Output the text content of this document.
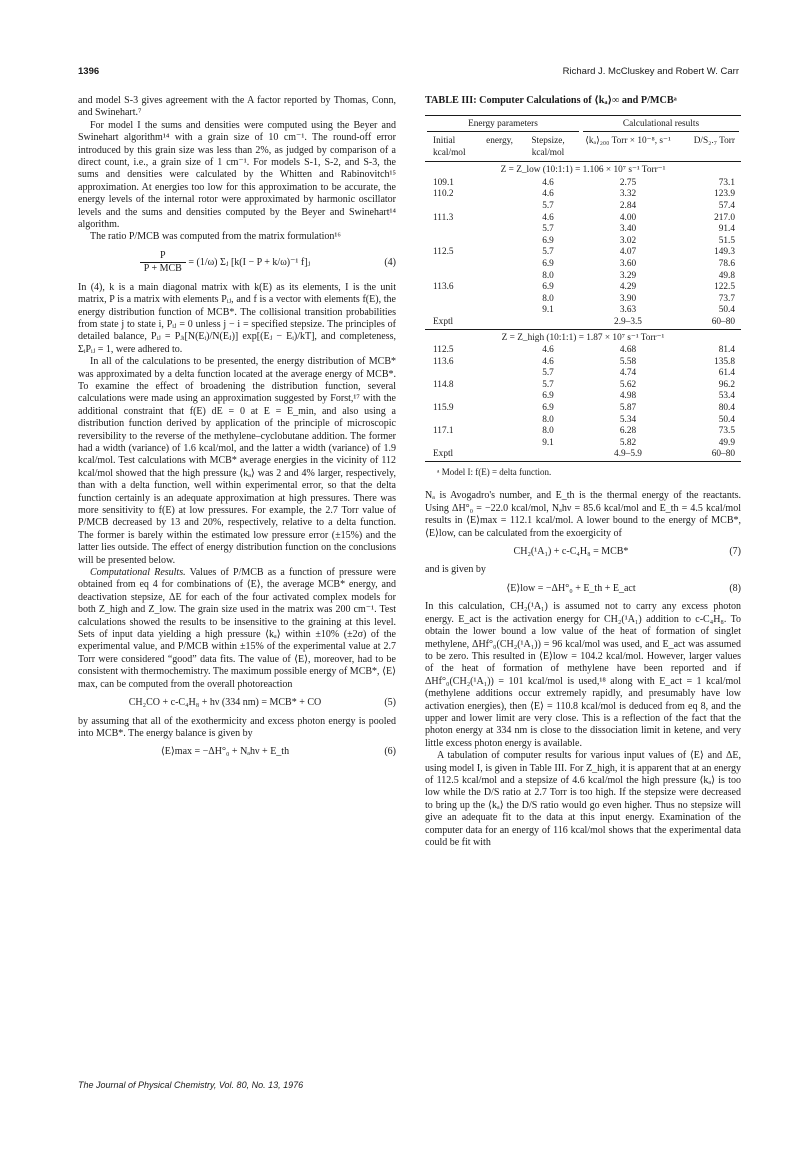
1396	Richard J. McCluskey and Robert W. Carr

and model S-3 gives agreement with the A factor reported by Thomas, Conn, and Swinehart.⁷

For model I the sums and densities were computed using the Beyer and Swinehart algorithm¹⁴ with a grain size of 10 cm⁻¹. The round-off error introduced by this grain size was less than 2%, as judged by comparison of a direct count, i.e., a grain size of 1 cm⁻¹. For models S-1, S-2, and S-3, the sums and densities were calculated by the Whitten and Rabinovitch¹⁵ approximation. At energies too low for this approximation to be accurate, the energy levels of the internal rotor were approximated by harmonic oscillator levels and the sums and densities computed by the Beyer and Swinehart¹⁴ algorithm.

The ratio P/MCB was computed from the matrix formulation¹⁶

$\frac{P}{\text{P + MCB}} = (1/\omega)$ Σⱼ [k(I − P + k/ω)⁻¹ f]ⱼ	(4)

In (4), k is a main diagonal matrix with k(E) as its elements, I is the unit matrix, P is a matrix with elements Pᵢⱼ, and f is a vector with elements f(E), the energy distribution function of MCB*. The collisional transition probabilities from state j to state i, Pᵢⱼ = 0 unless j − i = specified stepsize. The principles of detailed balance, Pᵢⱼ = Pⱼᵢ[N(Eᵢ)/N(Eⱼ)] exp[(Eⱼ − Eᵢ)/kT], and completeness, ΣᵢPᵢⱼ = 1, were adhered to.

In all of the calculations to be presented, the energy distribution of MCB* was approximated by a delta function located at the average energy of MCB*. To examine the effect of broadening the distribution function, several calculations were made using an approximation suggested by Forst,¹⁷ with the additional constraint that f(E) dE = 0 at E = E_min, and also using a distribution function derived by application of the principle of microscopic reversibility to the reverse of the methylene–cyclobutane addition. The former had a width (variance) of 1.6 kcal/mol, and the latter a width (variance) of 1.9 kcal/mol. Test calculations with MCB* average energies in the vicinity of 112 kcal/mol showed that the high pressure ⟨kₐ⟩ was 2 and 4% larger, respectively, than with a delta function, well within experimental error, so that the delta function certainly is an adequate approximation at high pressures. There was more sensitivity to f(E) at low pressures. For example, the 2.7 Torr value of P/MCB decreased by 13 and 20%, respectively, relative to a delta function. The former is barely within the estimated low pressure error (±15%) and the latter lies outside. The effect of energy distribution function on the conclusions will be presented below.

Computational Results. Values of P/MCB as a function of pressure were obtained from eq 4 for combinations of ⟨E⟩, the average MCB* energy, and deactivation stepsize, ΔE for each of the four activated complex models for both Z_high and Z_low. The grain size used in the matrix was 200 cm⁻¹. Test calculations showed the results to be insensitive to the graining at this level. Sets of input data yielding a high pressure ⟨kₐ⟩ within ±10% (±2σ) of the experimental value, and P/MCB within ±15% of the experimental value at 2.7 Torr were considered “good” data fits. The value of ⟨E⟩, moreover, had to be consistent with thermochemistry. The maximum possible energy of MCB*, ⟨E⟩max, can be computed from the overall photoreaction

CH₂CO + c-C₄H₈ + hν (334 nm) = MCB* + CO	(5)

by assuming that all of the exothermicity and excess photon energy is pooled into MCB*. The energy balance is given by

⟨E⟩max = −ΔH°₀ + Nₐhν + E_th	(6)
TABLE III: Computer Calculations of ⟨kₐ⟩∞ and P/MCBᵃ
Energy parameters		Calculational results	

Initial energy, kcal/mol	Stepsize, kcal/mol	⟨kₐ⟩₂₀₀ Torr × 10⁻⁸, s⁻¹	D/S₂.₇ Torr
Z = Z_low (10:1:1) = 1.106 × 10⁷ s⁻¹ Torr⁻¹			
109.1	4.6	2.75	73.1
110.2	4.6	3.32	123.9
	5.7	2.84	57.4
111.3	4.6	4.00	217.0
	5.7	3.40	91.4
	6.9	3.02	51.5
112.5	5.7	4.07	149.3
	6.9	3.60	78.6
	8.0	3.29	49.8
113.6	6.9	4.29	122.5
	8.0	3.90	73.7
	9.1	3.63	50.4
Exptl		2.9–3.5	60–80
Z = Z_high (10:1:1) = 1.87 × 10⁷ s⁻¹ Torr⁻¹			
112.5	4.6	4.68	81.4
113.6	4.6	5.58	135.8
	5.7	4.74	61.4
114.8	5.7	5.62	96.2
	6.9	4.98	53.4
115.9	6.9	5.87	80.4
	8.0	5.34	50.4
117.1	8.0	6.28	73.5
	9.1	5.82	49.9
Exptl		4.9–5.9	60–80

ᵃ Model I: f(E) = delta function.

Nₐ is Avogadro's number, and E_th is the thermal energy of the reactants. Using ΔH°₀ = −22.0 kcal/mol, Nₐhν = 85.6 kcal/mol and E_th = 4.5 kcal/mol results in ⟨E⟩max = 112.1 kcal/mol. A lower bound to the energy of MCB*, ⟨E⟩low, can be calculated from the exoergicity of

CH₂(¹A₁) + c-C₄H₈ = MCB*	(7)

and is given by

⟨E⟩low = −ΔH°₀ + E_th + E_act	(8)

In this calculation, CH₂(¹A₁) is assumed not to carry any excess photon energy. E_act is the activation energy for CH₂(¹A₁) addition to c-C₄H₈. To obtain the lower bound a low value of the heat of formation of singlet methylene, ΔHf°₀(CH₂(¹A₁)) = 96 kcal/mol was used, and E_act was assumed to be zero. This resulted in ⟨E⟩low = 104.2 kcal/mol. However, larger values of the heat of formation of methylene have been reported and if ΔHf°₀(CH₂(¹A₁)) = 101 kcal/mol is used,¹⁸ along with E_act = 1 kcal/mol (methylene additions occur extremely rapidly, and presumably have low activation energies), then ⟨E⟩ = 110.8 kcal/mol is deduced from eq 8, and the upper and lower limit are very close. This is a reflection of the fact that the photon energy at 334 nm is close to the dissociation limit in ketene, and very little excess photon energy is available.

A tabulation of computer results for various input values of ⟨E⟩ and ΔE, using model I, is given in Table III. For Z_high, it is apparent that at an energy of 112.5 kcal/mol and a stepsize of 4.6 kcal/mol the high pressure ⟨kₐ⟩ is too low while the D/S ratio at 2.7 Torr is too high. If the stepsize were decreased to bring up the ⟨kₐ⟩ the D/S ratio would go even higher. Thus no stepsize will give an adequate fit to the data at this input energy. Examination of the computer data for an energy of 116 kcal/mol shows that the experimental data could be fit with

The Journal of Physical Chemistry, Vol. 80, No. 13, 1976
